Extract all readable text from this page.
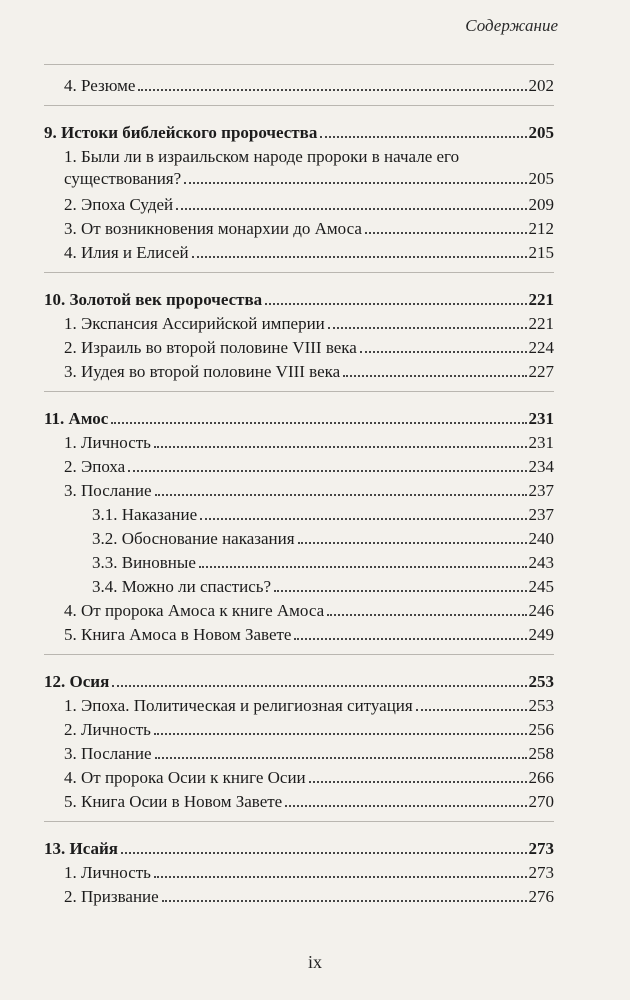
Содержание
4. Резюме	202
9. Истоки библейского пророчества	205
1. Были ли в израильском народе пророки в начале его
существования?	205
2. Эпоха Судей	209
3. От возникновения монархии до Амоса	212
4. Илия и Елисей	215
10. Золотой век пророчества	221
1. Экспансия Ассирийской империи	221
2. Израиль во второй половине VIII века	224
3. Иудея во второй половине VIII века	227
11. Амос	231
1. Личность	231
2. Эпоха	234
3. Послание	237
3.1. Наказание	237
3.2. Обоснование наказания	240
3.3. Виновные	243
3.4. Можно ли спастись?	245
4. От пророка Амоса к книге Амоса	246
5. Книга Амоса в Новом Завете	249
12. Осия	253
1. Эпоха. Политическая и религиозная ситуация	253
2. Личность	256
3. Послание	258
4. От пророка Осии к книге Осии	266
5. Книга Осии в Новом Завете	270
13. Исайя	273
1. Личность	273
2. Призвание	276
ix
